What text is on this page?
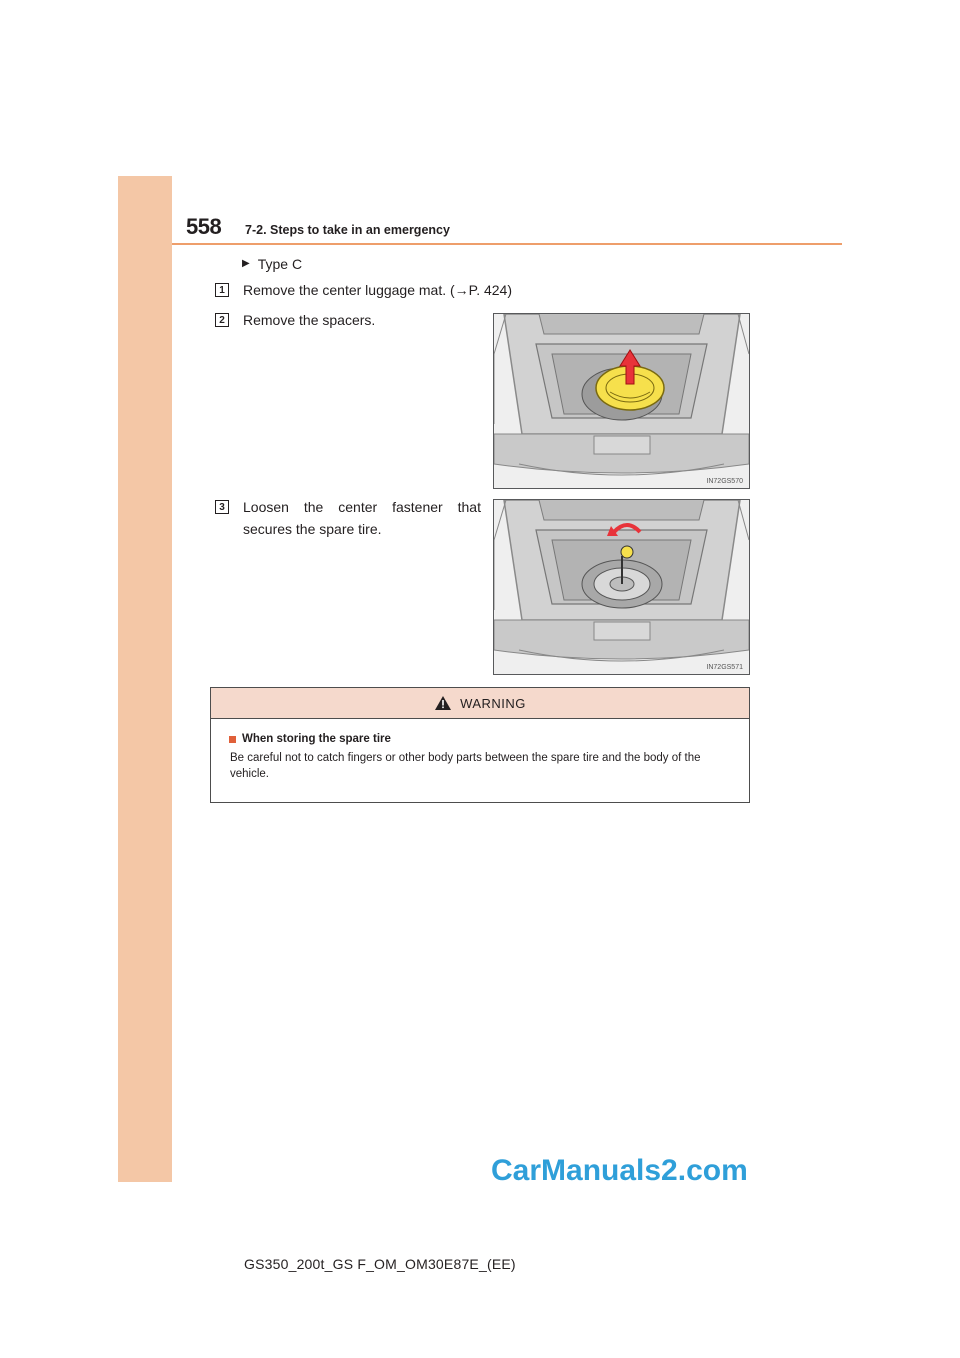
558 7-2. Steps to take in an emergency
▶ Type C
1	Remove the center luggage mat. (→P. 424)
2	Remove the spacers.
3	Loosen the center fastener that secures the spare tire.
IN72GS570
IN72GS571
WARNING
When storing the spare tire
Be careful not to catch fingers or other body parts between the spare tire and the body of the vehicle.
CarManuals2.com
GS350_200t_GS F_OM_OM30E87E_(EE)
